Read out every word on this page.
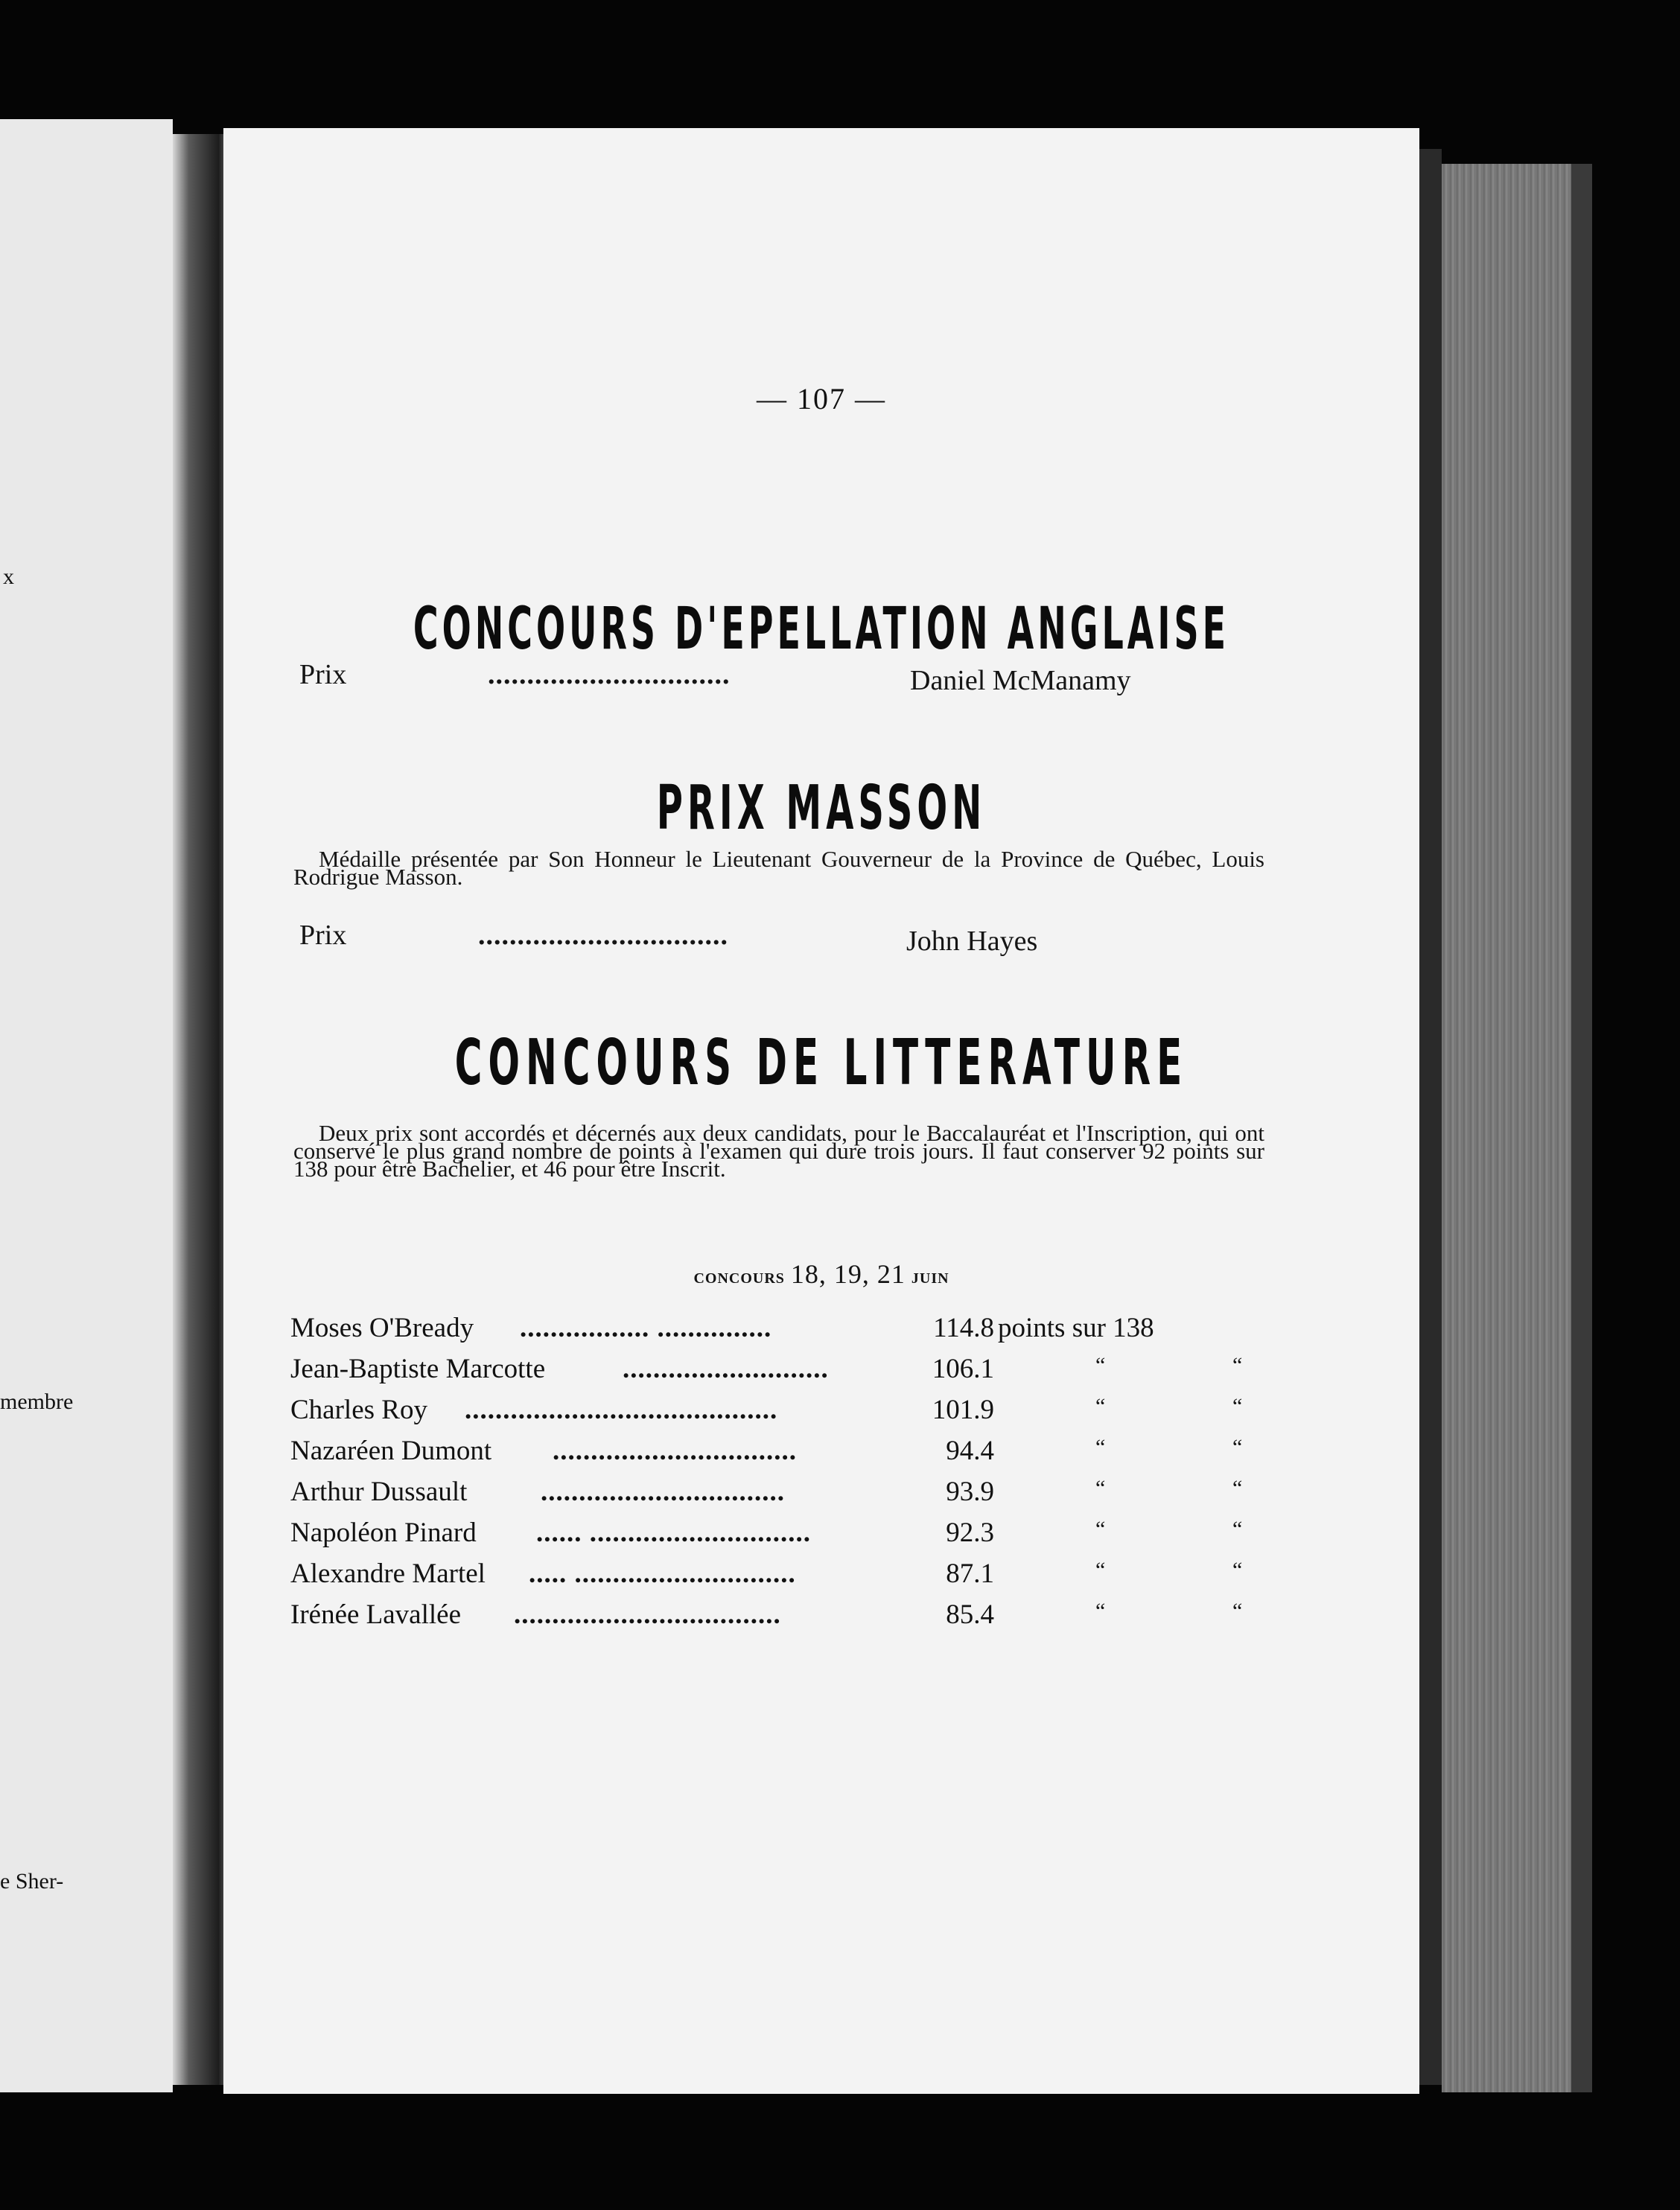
x
membre
e Sher-
— 107 —
CONCOURS D'EPELLATION ANGLAISE
Prix	...............................	Daniel McManamy
PRIX MASSON
Médaille présentée par Son Honneur le Lieutenant Gouverneur de la Province de Québec, Louis Rodrigue Masson.
Prix	................................	John Hayes
CONCOURS DE LITTERATURE
Deux prix sont accordés et décernés aux deux candidats, pour le Baccalauréat et l'Inscription, qui ont conservé le plus grand nombre de points à l'examen qui dure trois jours. Il faut conserver 92 points sur 138 pour être Bachelier, et 46 pour être Inscrit.
concours 18, 19, 21 juin
Moses O'Bready ................. ...............	114.8 points sur 138
Jean-Baptiste Marcotte	...........................	106.1	“	“
Charles Roy .........................................	101.9	“	“
Nazaréen Dumont ................................	94.4	“	“
Arthur Dussault	................................	93.9	“	“
Napoléon Pinard ...... .............................	92.3	“	“
Alexandre Martel ..... .............................	87.1	“	“
Irénée Lavallée ...................................	85.4	“	“
